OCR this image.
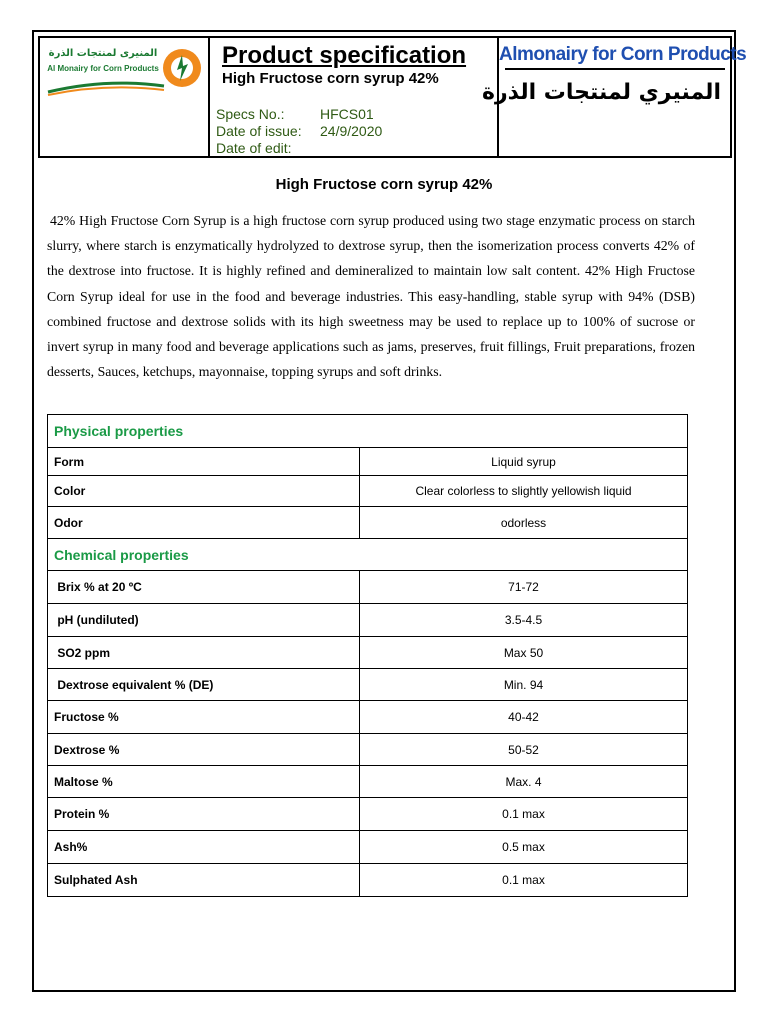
المنيرى لمنتجات الذرة
Al Monairy for Corn Products	Product specification
High Fructose corn syrup 42%
Specs No.:	HFCS01
Date of issue: 24/9/2020
Date of edit:
Almonairy for Corn Products
المنيري لمنتجات الذرة
High Fructose corn syrup 42%
42% High Fructose Corn Syrup is a high fructose corn syrup produced using two stage enzymatic process on starch slurry, where starch is enzymatically hydrolyzed to dextrose syrup, then the isomerization process converts 42% of the dextrose into fructose. It is highly refined and demineralized to maintain low salt content. 42% High Fructose Corn Syrup ideal for use in the food and beverage industries. This easy-handling, stable syrup with 94% (DSB) combined fructose and dextrose solids with its high sweetness may be used to replace up to 100% of sucrose or invert syrup in many food and beverage applications such as jams, preserves, fruit fillings, Fruit preparations, frozen desserts, Sauces, ketchups, mayonnaise, topping syrups and soft drinks.
Physical properties	
Form	Liquid syrup
Color	Clear colorless to slightly yellowish liquid
Odor	odorless
Chemical properties	
Brix % at 20 ºC	71-72
pH (undiluted)	3.5-4.5
SO2 ppm	Max 50
Dextrose equivalent % (DE)	Min. 94
Fructose %	40-42
Dextrose %	50-52
Maltose %	Max. 4
Protein %	0.1 max
Ash%	0.5 max
Sulphated Ash	0.1 max
